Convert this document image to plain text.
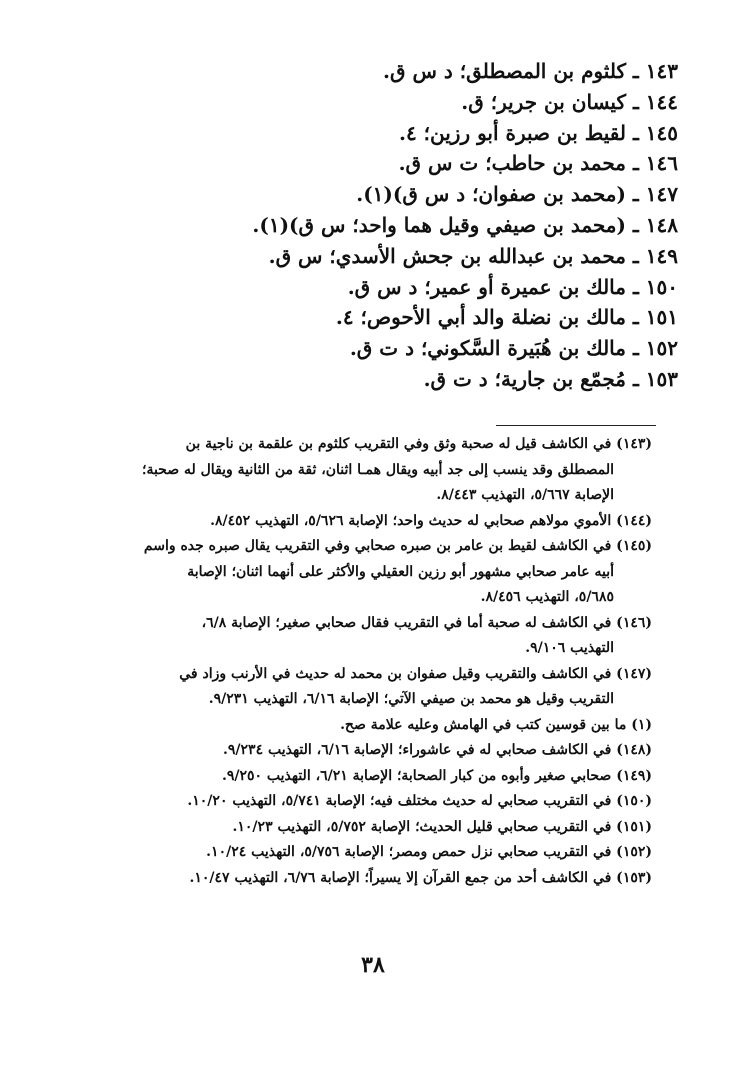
١٤٣ ـ كلثوم بن المصطلق؛ د س ق.
١٤٤ ـ كيسان بن جرير؛ ق.
١٤٥ ـ لقيط بن صبرة أبو رزين؛ ٤.
١٤٦ ـ محمد بن حاطب؛ ت س ق.
١٤٧ ـ (محمد بن صفوان؛ د س ق)(١).
١٤٨ ـ (محمد بن صيفي وقيل هما واحد؛ س ق)(١).
١٤٩ ـ محمد بن عبدالله بن جحش الأسدي؛ س ق.
١٥٠ ـ مالك بن عميرة أو عمير؛ د س ق.
١٥١ ـ مالك بن نضلة والد أبي الأحوص؛ ٤.
١٥٢ ـ مالك بن هُبَيرة السَّكوني؛ د ت ق.
١٥٣ ـ مُجمّع بن جارية؛ د ت ق.
(١٤٣) في الكاشف قيل له صحبة وثق وفي التقريب كلثوم بن علقمة بن ناجية بن
المصطلق وقد ينسب إلى جد أبيه ويقال همـا اثنان، ثقة من الثانية ويقال له صحبة؛
الإصابة ٥/٦٦٧، التهذيب ٨/٤٤٣.
(١٤٤) الأموي مولاهم صحابي له حديث واحد؛ الإصابة ٥/٦٢٦، التهذيب ٨/٤٥٢.
(١٤٥) في الكاشف لقيط بن عامر بن صبره صحابي وفي التقريب يقال صبره جده واسم
أبيه عامر صحابي مشهور أبو رزين العقيلي والأكثر على أنهما اثنان؛ الإصابة
٥/٦٨٥، التهذيب ٨/٤٥٦.
(١٤٦) في الكاشف له صحبة أما في التقريب فقال صحابي صغير؛ الإصابة ٦/٨،
التهذيب ٩/١٠٦.
(١٤٧) في الكاشف والتقريب وقيل صفوان بن محمد له حديث في الأرنب وزاد في
التقريب وقيل هو محمد بن صيفي الآتي؛ الإصابة ٦/١٦، التهذيب ٩/٢٣١.
(١) ما بين قوسين كتب في الهامش وعليه علامة صح.
(١٤٨) في الكاشف صحابي له في عاشوراء؛ الإصابة ٦/١٦، التهذيب ٩/٢٣٤.
(١٤٩) صحابي صغير وأبوه من كبار الصحابة؛ الإصابة ٦/٢١، التهذيب ٩/٢٥٠.
(١٥٠) في التقريب صحابي له حديث مختلف فيه؛ الإصابة ٥/٧٤١، التهذيب ١٠/٢٠.
(١٥١) في التقريب صحابي قليل الحديث؛ الإصابة ٥/٧٥٢، التهذيب ١٠/٢٣.
(١٥٢) في التقريب صحابي نزل حمص ومصر؛ الإصابة ٥/٧٥٦، التهذيب ١٠/٢٤.
(١٥٣) في الكاشف أحد من جمع القرآن إلا يسيراً؛ الإصابة ٦/٧٦، التهذيب ١٠/٤٧.
٣٨
